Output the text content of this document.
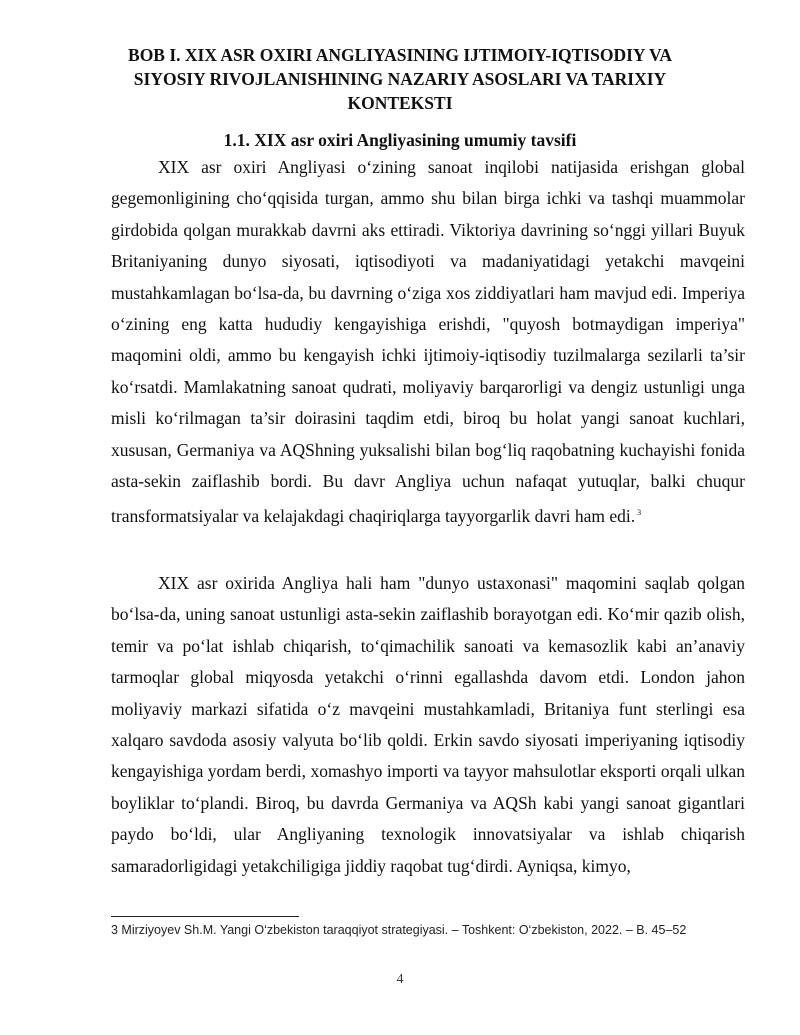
BOB I. XIX ASR OXIRI ANGLIYASINING IJTIMOIY-IQTISODIY VA
SIYOSIY RIVOJLANISHINING NAZARIY ASOSLARI VA TARIXIY
KONTEKSTI
1.1. XIX asr oxiri Angliyasining umumiy tavsifi

XIX asr oxiri Angliyasi o‘zining sanoat inqilobi natijasida erishgan global gegemonligining cho‘qqisida turgan, ammo shu bilan birga ichki va tashqi muammolar girdobida qolgan murakkab davrni aks ettiradi. Viktoriya davrining so‘nggi yillari Buyuk Britaniyaning dunyo siyosati, iqtisodiyoti va madaniyatidagi yetakchi mavqeini mustahkamlagan bo‘lsa-da, bu davrning o‘ziga xos ziddiyatlari ham mavjud edi. Imperiya o‘zining eng katta hududiy kengayishiga erishdi, "quyosh botmaydigan imperiya" maqomini oldi, ammo bu kengayish ichki ijtimoiy-iqtisodiy tuzilmalarga sezilarli ta’sir ko‘rsatdi. Mamlakatning sanoat qudrati, moliyaviy barqarorligi va dengiz ustunligi unga misli ko‘rilmagan ta’sir doirasini taqdim etdi, biroq bu holat yangi sanoat kuchlari, xususan, Germaniya va AQShning yuksalishi bilan bog‘liq raqobatning kuchayishi fonida asta-sekin zaiflashib bordi. Bu davr Angliya uchun nafaqat yutuqlar, balki chuqur transformatsiyalar va kelajakdagi chaqiriqlarga tayyorgarlik davri ham edi. $^3$

XIX asr oxirida Angliya hali ham "dunyo ustaxonasi" maqomini saqlab qolgan bo‘lsa-da, uning sanoat ustunligi asta-sekin zaiflashib borayotgan edi. Ko‘mir qazib olish, temir va po‘lat ishlab chiqarish, to‘qimachilik sanoati va kemasozlik kabi an’anaviy tarmoqlar global miqyosda yetakchi o‘rinni egallashda davom etdi. London jahon moliyaviy markazi sifatida o‘z mavqeini mustahkamladi, Britaniya funt sterlingi esa xalqaro savdoda asosiy valyuta bo‘lib qoldi. Erkin savdo siyosati imperiyaning iqtisodiy kengayishiga yordam berdi, xomashyo importi va tayyor mahsulotlar eksporti orqali ulkan boyliklar to‘plandi. Biroq, bu davrda Germaniya va AQSh kabi yangi sanoat gigantlari paydo bo‘ldi, ular Angliyaning texnologik innovatsiyalar va ishlab chiqarish samaradorligidagi yetakchiligiga jiddiy raqobat tug‘dirdi. Ayniqsa, kimyo,

3 Mirziyoyev Sh.M. Yangi O‘zbekiston taraqqiyot strategiyasi. – Toshkent: O‘zbekiston, 2022. – B. 45–52
4
